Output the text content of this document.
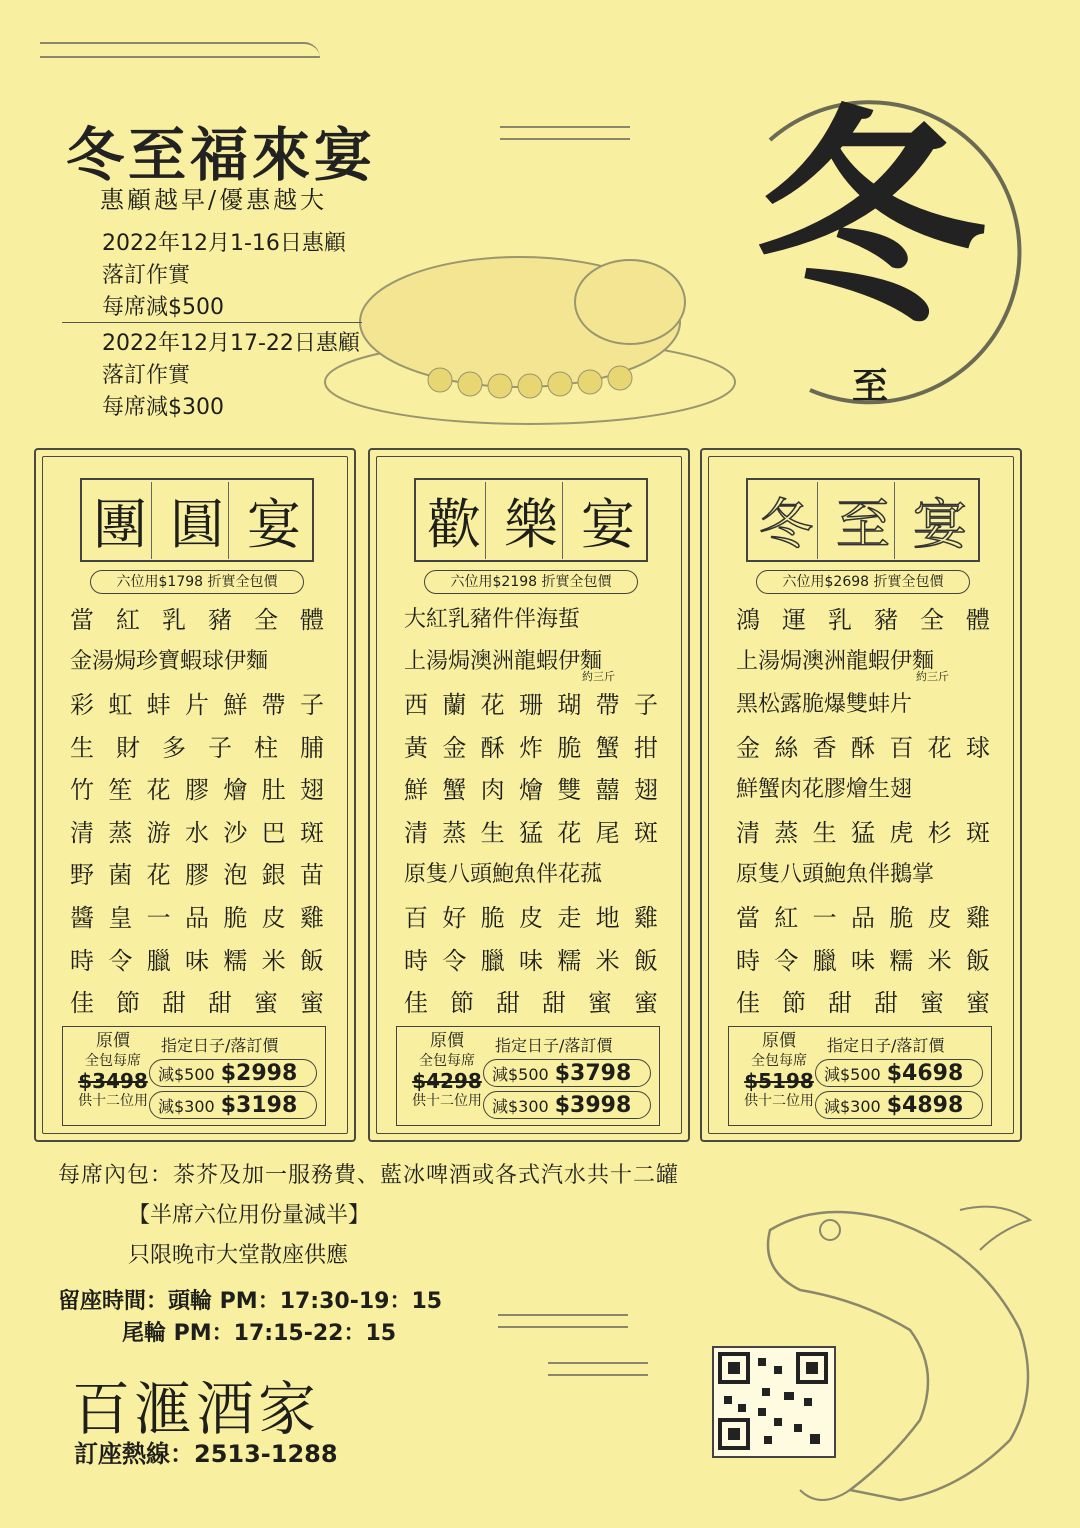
冬
至
冬至福來宴
惠顧越早/優惠越大
2022年12月1-16日惠顧
落訂作實
每席減$500
2022年12月17-22日惠顧
落訂作實
每席減$300
團 圓 宴
六位用$1798 折實全包價
當 紅 乳 豬 全 體
金湯焗珍寶蝦球伊麵
彩 虹 蚌 片 鮮 帶 子
生 財 多 子 柱 脯
竹 笙 花 膠 燴 肚 翅
清 蒸 游 水 沙 巴 斑
野 菌 花 膠 泡 銀 苗
醬 皇 一 品 脆 皮 雞
時 令 臘 味 糯 米 飯
佳 節 甜 甜 蜜 蜜
原價
全包每席
$3498
供十二位用
指定日子/落訂價
減$500 $2998
減$300 $3198
歡 樂 宴
六位用$2198 折實全包價
約三斤
大紅乳豬件伴海蜇
上湯焗澳洲龍蝦伊麵
西 蘭 花 珊 瑚 帶 子
黃 金 酥 炸 脆 蟹 拑
鮮 蟹 肉 燴 雙 囍 翅
清 蒸 生 猛 花 尾 斑
原隻八頭鮑魚伴花菰
百 好 脆 皮 走 地 雞
時 令 臘 味 糯 米 飯
佳 節 甜 甜 蜜 蜜
原價
全包每席
$4298
供十二位用
指定日子/落訂價
減$500 $3798
減$300 $3998
冬 至 宴
六位用$2698 折實全包價
約三斤
鴻 運 乳 豬 全 體
上湯焗澳洲龍蝦伊麵
黑松露脆爆雙蚌片
金 絲 香 酥 百 花 球
鮮蟹肉花膠燴生翅
清 蒸 生 猛 虎 杉 斑
原隻八頭鮑魚伴鵝掌
當 紅 一 品 脆 皮 雞
時 令 臘 味 糯 米 飯
佳 節 甜 甜 蜜 蜜
原價
全包每席
$5198
供十二位用
指定日子/落訂價
減$500 $4698
減$300 $4898
每席內包：茶芥及加一服務費、藍冰啤酒或各式汽水共十二罐
【半席六位用份量減半】
只限晚市大堂散座供應
留座時間：頭輪 PM：17:30-19：15
尾輪 PM：17:15-22：15
百滙酒家
訂座熱線：2513-1288
